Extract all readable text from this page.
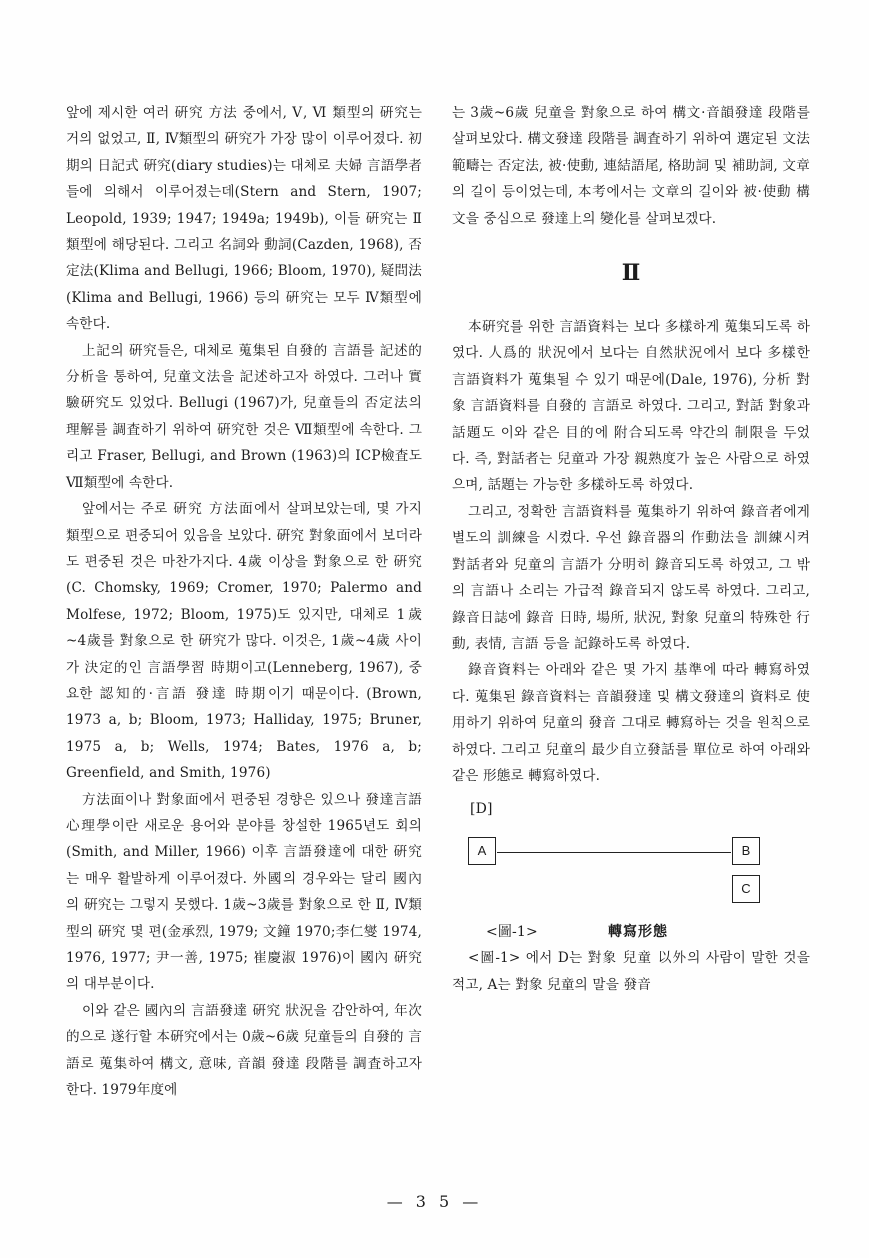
앞에 제시한 여러 硏究 方法 중에서, Ⅴ, Ⅵ 類型의 硏究는 거의 없었고, Ⅱ, Ⅳ類型의 硏究가 가장 많이 이루어졌다. 初期의 日記式 硏究(diary studies)는 대체로 夫婦 言語學者들에 의해서 이루어졌는데(Stern and Stern, 1907; Leopold, 1939; 1947; 1949a; 1949b), 이들 硏究는 Ⅱ類型에 해당된다. 그리고 名詞와 動詞(Cazden, 1968), 否定法(Klima and Bellugi, 1966; Bloom, 1970), 疑問法(Klima and Bellugi, 1966) 등의 硏究는 모두 Ⅳ類型에 속한다.

上記의 硏究들은, 대체로 蒐集된 自發的 言語를 記述的 分析을 통하여, 兒童文法을 記述하고자 하였다. 그러나 實驗硏究도 있었다. Bellugi (1967)가, 兒童들의 否定法의 理解를 調査하기 위하여 硏究한 것은 Ⅶ類型에 속한다. 그리고 Fraser, Bellugi, and Brown (1963)의 ICP檢査도 Ⅶ類型에 속한다.

앞에서는 주로 硏究 方法面에서 살펴보았는데, 몇 가지 類型으로 편중되어 있음을 보았다. 硏究 對象面에서 보더라도 편중된 것은 마찬가지다. 4歲 이상을 對象으로 한 硏究(C. Chomsky, 1969; Cromer, 1970; Palermo and Molfese, 1972; Bloom, 1975)도 있지만, 대체로 1歲~4歲를 對象으로 한 硏究가 많다. 이것은, 1歲~4歲 사이가 決定的인 言語學習 時期이고(Lenneberg, 1967), 중요한 認知的·言語 發達 時期이기 때문이다. (Brown, 1973 a, b; Bloom, 1973; Halliday, 1975; Bruner, 1975 a, b; Wells, 1974; Bates, 1976 a, b; Greenfield, and Smith, 1976)

方法面이나 對象面에서 편중된 경향은 있으나 發達言語心理學이란 새로운 용어와 분야를 창설한 1965년도 회의(Smith, and Miller, 1966) 이후 言語發達에 대한 硏究는 매우 활발하게 이루어졌다. 外國의 경우와는 달리 國內의 硏究는 그렇지 못했다. 1歲~3歲를 對象으로 한 Ⅱ, Ⅳ類型의 硏究 몇 편(金承烈, 1979; 文鐘 1970;李仁燮 1974, 1976, 1977; 尹一善, 1975; 崔慶淑 1976)이 國內 硏究의 대부분이다.

이와 같은 國內의 言語發達 硏究 狀況을 감안하여, 年次的으로 遂行할 本硏究에서는 0歲~6歲 兒童들의 自發的 言語로 蒐集하여 構文, 意味, 音韻 發達 段階를 調査하고자 한다. 1979年度에

는 3歲~6歲 兒童을 對象으로 하여 構文·音韻發達 段階를 살펴보았다. 構文發達 段階를 調査하기 위하여 選定된 文法 範疇는 否定法, 被·使動, 連結語尾, 格助詞 및 補助詞, 文章의 길이 등이었는데, 本考에서는 文章의 길이와 被·使動 構文을 중심으로 發達上의 變化를 살펴보겠다.

Ⅱ

本硏究를 위한 言語資料는 보다 多樣하게 蒐集되도록 하였다. 人爲的 狀況에서 보다는 自然狀況에서 보다 多樣한 言語資料가 蒐集될 수 있기 때문에(Dale, 1976), 分析 對象 言語資料를 自發的 言語로 하였다. 그리고, 對話 對象과 話題도 이와 같은 目的에 附合되도록 약간의 制限을 두었다. 즉, 對話者는 兒童과 가장 親熟度가 높은 사람으로 하였으며, 話題는 가능한 多樣하도록 하였다.

그리고, 정확한 言語資料를 蒐集하기 위하여 錄音者에게 별도의 訓練을 시켰다. 우선 錄音器의 作動法을 訓練시켜 對話者와 兒童의 言語가 分明히 錄音되도록 하였고, 그 밖의 言語나 소리는 가급적 錄音되지 않도록 하였다. 그리고, 錄音日誌에 錄音 日時, 場所, 狀況, 對象 兒童의 特殊한 行動, 表情, 言語 등을 記錄하도록 하였다.

錄音資料는 아래와 같은 몇 가지 基準에 따라 轉寫하였다. 蒐集된 錄音資料는 音韻發達 및 構文發達의 資料로 使用하기 위하여 兒童의 發音 그대로 轉寫하는 것을 원칙으로 하였다. 그리고 兒童의 最少自立發話를 單位로 하여 아래와 같은 形態로 轉寫하였다.

[D]
A	B
C
<圖-1>	轉寫形態

<圖-1> 에서 D는 對象 兒童 以外의 사람이 말한 것을 적고, A는 對象 兒童의 말을 發音

— 3 5 —
